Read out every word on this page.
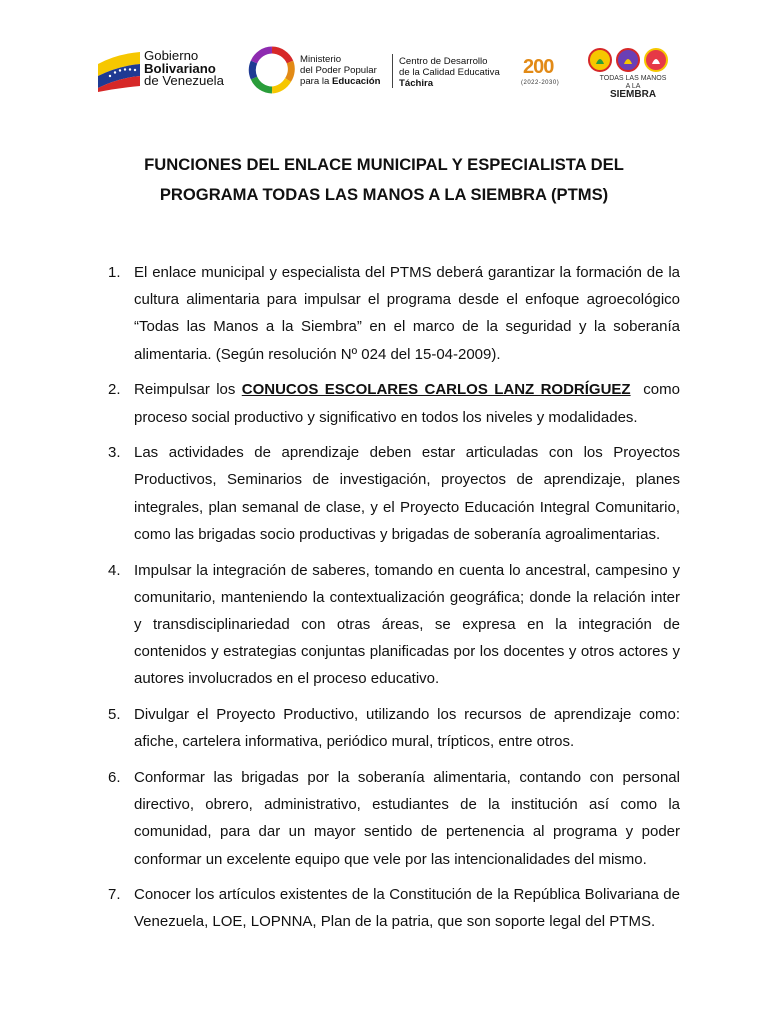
Gobierno
Bolivariano
de Venezuela
Ministerio
del Poder Popular
para la Educación
Centro de Desarrollo
de la Calidad Educativa
Táchira
200
(2022-2030)
TODAS LAS MANOS
A LA
SIEMBRA
FUNCIONES DEL ENLACE MUNICIPAL Y ESPECIALISTA DEL
PROGRAMA TODAS LAS MANOS A LA SIEMBRA (PTMS)
1. El enlace municipal y especialista del PTMS deberá garantizar la formación de la cultura alimentaria para impulsar el programa desde el enfoque agroecológico “Todas las Manos a la Siembra” en el marco de la seguridad y la soberanía alimentaria. (Según resolución Nº 024 del 15-04-2009).
2. Reimpulsar los CONUCOS ESCOLARES CARLOS LANZ RODRÍGUEZ  como proceso social productivo y significativo en todos los niveles y modalidades.
3. Las actividades de aprendizaje deben estar articuladas con los Proyectos Productivos, Seminarios de investigación, proyectos de aprendizaje, planes integrales, plan semanal de clase, y el Proyecto Educación Integral Comunitario, como las brigadas socio productivas y brigadas de soberanía agroalimentarias.
4. Impulsar la integración de saberes, tomando en cuenta lo ancestral, campesino y comunitario, manteniendo la contextualización geográfica; donde la relación inter y transdisciplinariedad con otras áreas, se expresa en la integración de contenidos y estrategias conjuntas planificadas por los docentes y otros actores y autores involucrados en el proceso educativo.
5. Divulgar el Proyecto Productivo, utilizando los recursos de aprendizaje como: afiche, cartelera informativa, periódico mural, trípticos, entre otros.
6. Conformar las brigadas por la soberanía alimentaria, contando con personal directivo, obrero, administrativo, estudiantes de la institución así como la comunidad, para dar un mayor sentido de pertenencia al programa y poder conformar un excelente equipo que vele por las intencionalidades del mismo.
7. Conocer los artículos existentes de la Constitución de la República Bolivariana de Venezuela, LOE, LOPNNA, Plan de la patria, que son soporte legal del PTMS.
